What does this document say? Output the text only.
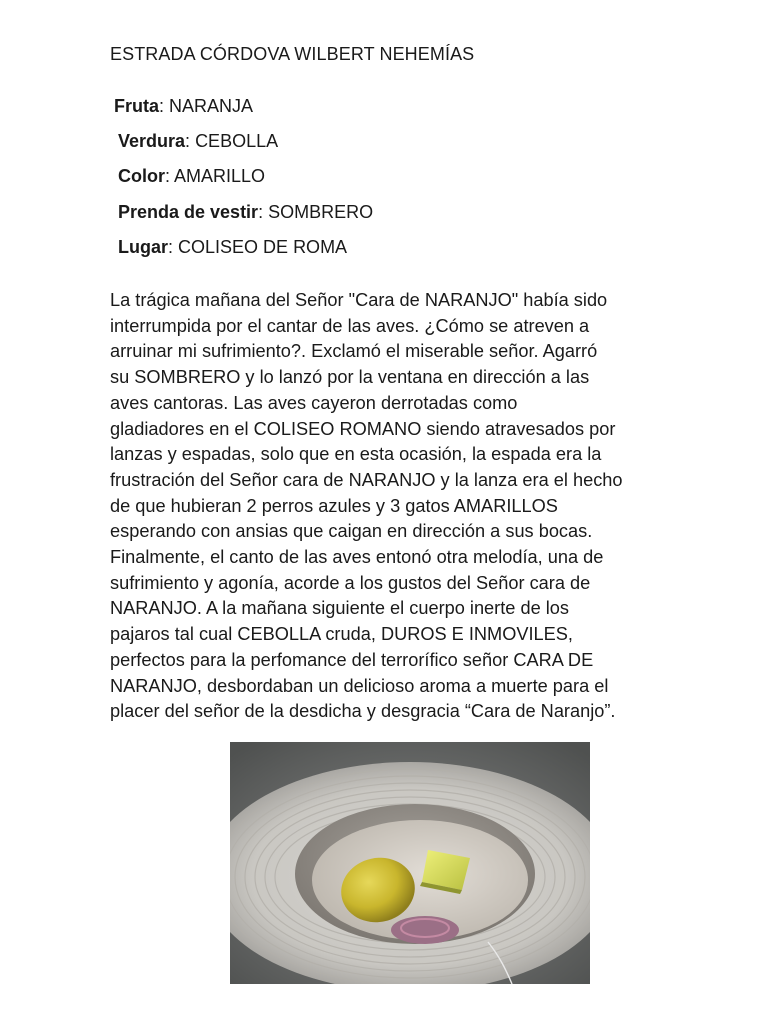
ESTRADA CÓRDOVA WILBERT NEHEMÍAS
Fruta: NARANJA
Verdura: CEBOLLA
Color: AMARILLO
Prenda de vestir: SOMBRERO
Lugar: COLISEO DE ROMA
La trágica mañana del Señor "Cara de NARANJO" había sido
interrumpida por el cantar de las aves. ¿Cómo se atreven a
arruinar mi sufrimiento?. Exclamó el miserable señor. Agarró
su SOMBRERO y lo lanzó por la ventana en dirección a las
aves cantoras. Las aves cayeron derrotadas como
gladiadores en el COLISEO ROMANO siendo atravesados por
lanzas y espadas, solo que en esta ocasión, la espada era la
frustración del Señor cara de NARANJO y la lanza era el hecho
de que hubieran 2 perros azules y 3 gatos AMARILLOS
esperando con ansias que caigan en dirección a sus bocas.
Finalmente, el canto de las aves entonó otra melodía, una de
sufrimiento y agonía, acorde a los gustos del Señor cara de
NARANJO. A la mañana siguiente el cuerpo inerte de los
pajaros tal cual CEBOLLA cruda, DUROS E INMOVILES,
perfectos para la perfomance del terrorífico señor CARA DE
NARANJO, desbordaban un delicioso aroma a muerte para el
placer del señor de la desdicha y desgracia “Cara de Naranjo”.
